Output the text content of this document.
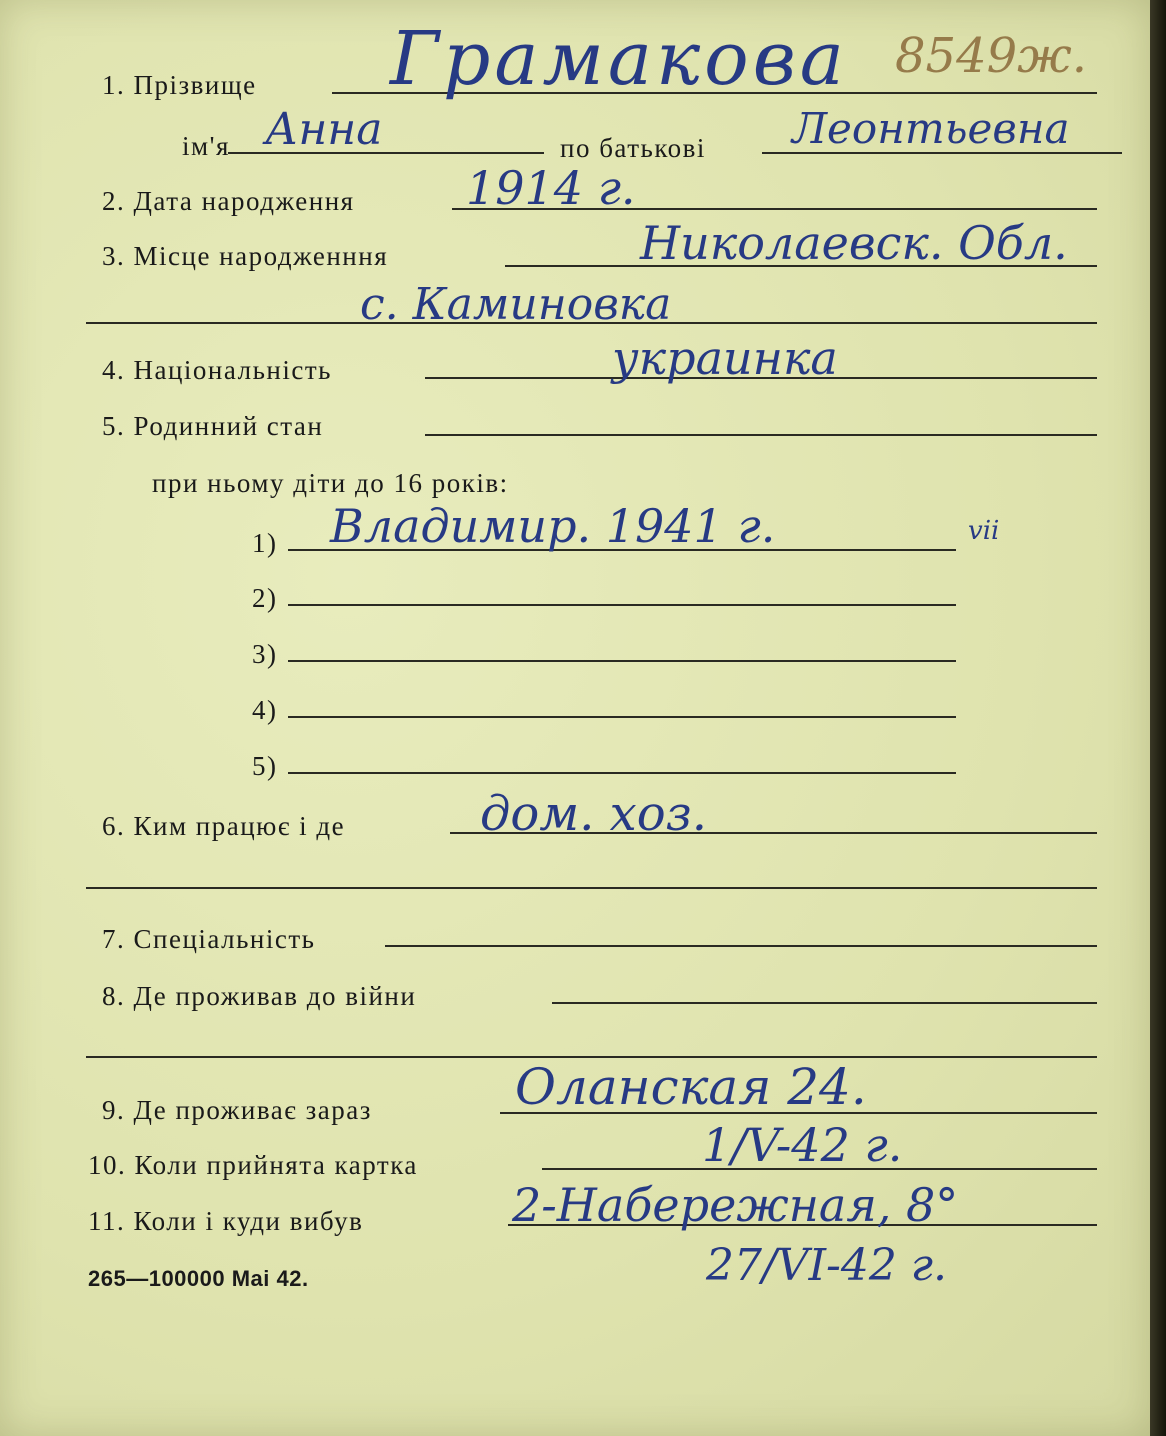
1. Прізвище Грамакова 8549ж.
ім'я Анна	по батькові Леонтьевна
2. Дата народження 1914 г.
3. Місце народженння	Николаевск. Обл.
с. Каминовка
4. Національність	украинка
5. Родинний стан
при ньому діти до 16 років:
1) Владимир. 1941 г.	vii
2)
3)
4)
5)
6. Ким працює і де	дом. хоз.
7. Спеціальність
8. Де проживав до війни
9. Де проживає зараз	Оланская 24.
10. Коли прийнята картка	1/V-42 г.
11. Коли і куди вибув	2-Набережная, 8°
27/VI-42 г.
265—100000 Mai 42.
